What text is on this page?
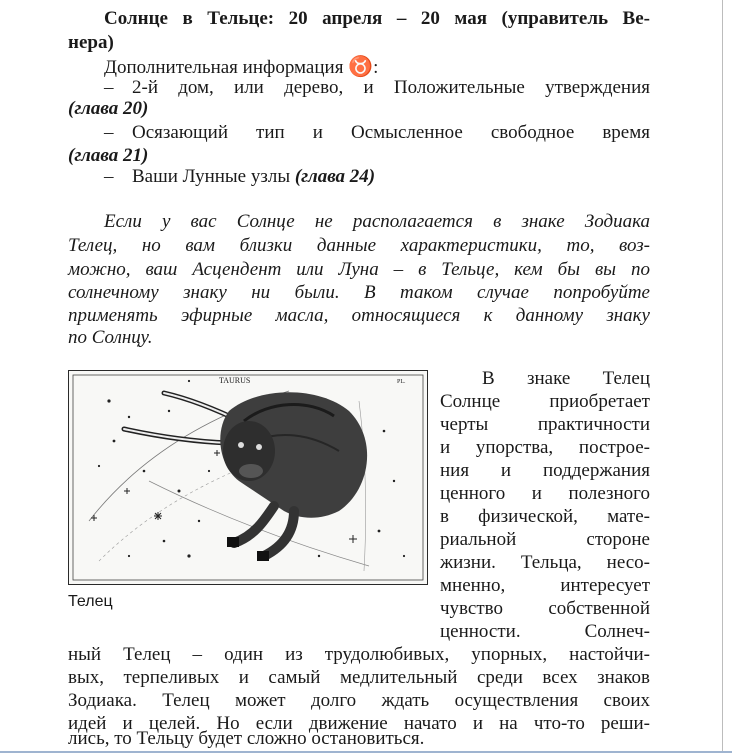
Солнце в Тельце: 20 апреля – 20 мая (управитель Ве-
нера)
Дополнительная информация ♉:
– 2-й дом, или дерево, и Положительные утверждения
(глава 20)
– Осязающий тип и Осмысленное свободное время
(глава 21)
– Ваши Лунные узлы (глава 24)
Если у вас Солнце не располагается в знаке Зодиака
Телец, но вам близки данные характеристики, то, воз-
можно, ваш Асцендент или Луна – в Тельце, кем бы вы по
солнечному знаку ни были. В таком случае попробуйте
применять эфирные масла, относящиеся к данному знаку
по Солнцу.
TAURUS	PL.
Телец
В знаке Телец
Солнце приобретает
черты практичности
и упорства, построе-
ния и поддержания
ценного и полезного
в физической, мате-
риальной стороне
жизни. Тельца, несо-
мненно, интересует
чувство собственной
ценности. Солнеч-
ный Телец – один из трудолюбивых, упорных, настойчи-
вых, терпеливых и самый медлительный среди всех знаков
Зодиака. Телец может долго ждать осуществления своих
идей и целей. Но если движение начато и на что-то реши-
лись, то Тельцу будет сложно остановиться.
